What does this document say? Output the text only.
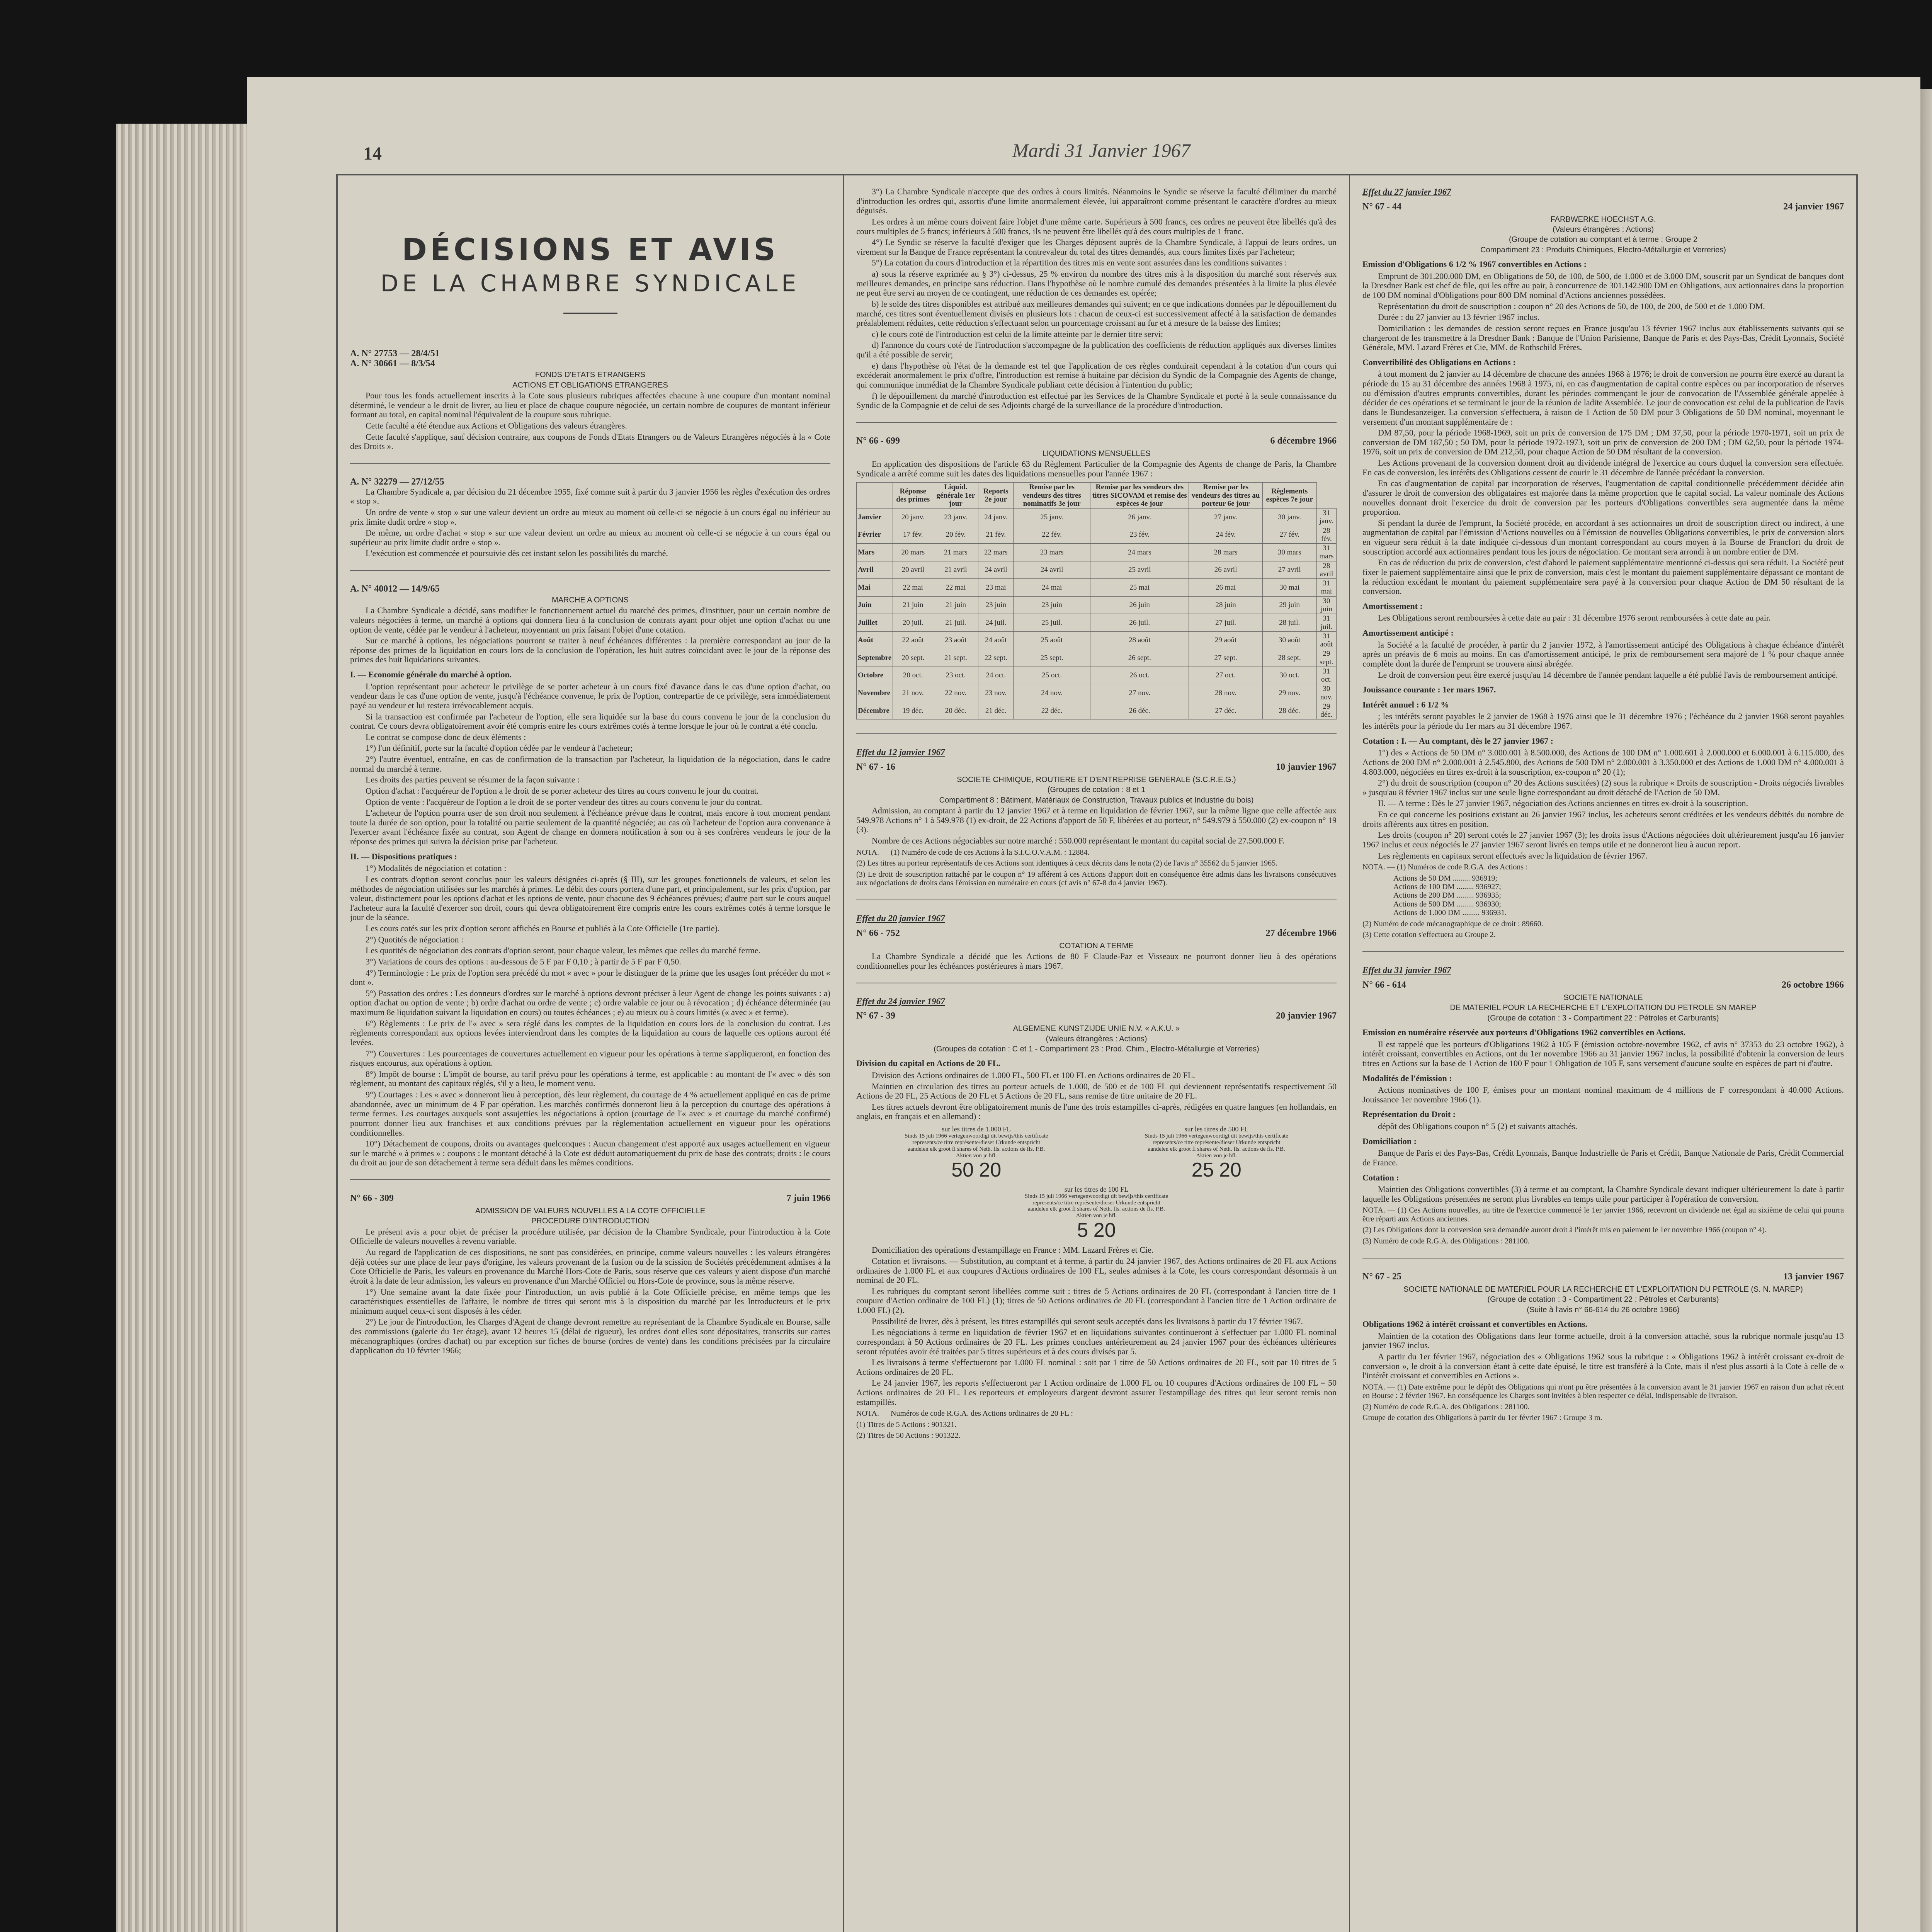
14	Mardi 31 Janvier 1967
DÉCISIONS ET AVIS
DE LA CHAMBRE SYNDICALE
A. N° 27753 — 28/4/51
A. N° 30661 — 8/3/54
FONDS D'ETATS ETRANGERS
ACTIONS ET OBLIGATIONS ETRANGERES

Pour tous les fonds actuellement inscrits à la Cote sous plusieurs rubriques affectées chacune à une coupure d'un montant nominal déterminé, le vendeur a le droit de livrer, au lieu et place de chaque coupure négociée, un certain nombre de coupures de montant inférieur formant au total, en capital nominal l'équivalent de la coupure sous rubrique.

Cette faculté a été étendue aux Actions et Obligations des valeurs étrangères.

Cette faculté s'applique, sauf décision contraire, aux coupons de Fonds d'Etats Etrangers ou de Valeurs Etrangères négociés à la « Cote des Droits ».

A. N° 32279 — 27/12/55

La Chambre Syndicale a, par décision du 21 décembre 1955, fixé comme suit à partir du 3 janvier 1956 les règles d'exécution des ordres « stop ».

Un ordre de vente « stop » sur une valeur devient un ordre au mieux au moment où celle-ci se négocie à un cours égal ou inférieur au prix limite dudit ordre « stop ».

De même, un ordre d'achat « stop » sur une valeur devient un ordre au mieux au moment où celle-ci se négocie à un cours égal ou supérieur au prix limite dudit ordre « stop ».

L'exécution est commencée et poursuivie dès cet instant selon les possibilités du marché.

A. N° 40012 — 14/9/65
MARCHE A OPTIONS

La Chambre Syndicale a décidé, sans modifier le fonctionnement actuel du marché des primes, d'instituer, pour un certain nombre de valeurs négociées à terme, un marché à options qui donnera lieu à la conclusion de contrats ayant pour objet une option d'achat ou une option de vente, cédée par le vendeur à l'acheteur, moyennant un prix faisant l'objet d'une cotation.

Sur ce marché à options, les négociations pourront se traiter à neuf échéances différentes : la première correspondant au jour de la réponse des primes de la liquidation en cours lors de la conclusion de l'opération, les huit autres coïncidant avec le jour de la réponse des primes des huit liquidations suivantes.

I. — Economie générale du marché à option.

L'option représentant pour acheteur le privilège de se porter acheteur à un cours fixé d'avance dans le cas d'une option d'achat, ou vendeur dans le cas d'une option de vente, jusqu'à l'échéance convenue, le prix de l'option, contrepartie de ce privilège, sera immédiatement payé au vendeur et lui restera irrévocablement acquis.

Si la transaction est confirmée par l'acheteur de l'option, elle sera liquidée sur la base du cours convenu le jour de la conclusion du contrat. Ce cours devra obligatoirement avoir été compris entre les cours extrêmes cotés à terme lorsque le jour où le contrat a été conclu.

Le contrat se compose donc de deux éléments :

1°) l'un définitif, porte sur la faculté d'option cédée par le vendeur à l'acheteur;

2°) l'autre éventuel, entraîne, en cas de confirmation de la transaction par l'acheteur, la liquidation de la négociation, dans le cadre normal du marché à terme.

Les droits des parties peuvent se résumer de la façon suivante :

Option d'achat : l'acquéreur de l'option a le droit de se porter acheteur des titres au cours convenu le jour du contrat.

Option de vente : l'acquéreur de l'option a le droit de se porter vendeur des titres au cours convenu le jour du contrat.

L'acheteur de l'option pourra user de son droit non seulement à l'échéance prévue dans le contrat, mais encore à tout moment pendant toute la durée de son option, pour la totalité ou partie seulement de la quantité négociée; au cas où l'acheteur de l'option aura convenance à l'exercer avant l'échéance fixée au contrat, son Agent de change en donnera notification à son ou à ses confrères vendeurs le jour de la réponse des primes qui suivra la décision prise par l'acheteur.

II. — Dispositions pratiques :

1°) Modalités de négociation et cotation :

Les contrats d'option seront conclus pour les valeurs désignées ci-après (§ III), sur les groupes fonctionnels de valeurs, et selon les méthodes de négociation utilisées sur les marchés à primes. Le débit des cours portera d'une part, et principalement, sur les prix d'option, par valeur, distinctement pour les options d'achat et les options de vente, pour chacune des 9 échéances prévues; d'autre part sur le cours auquel l'acheteur aura la faculté d'exercer son droit, cours qui devra obligatoirement être compris entre les cours extrêmes cotés à terme lorsque le jour de la séance.

Les cours cotés sur les prix d'option seront affichés en Bourse et publiés à la Cote Officielle (1re partie).

2°) Quotités de négociation :

Les quotités de négociation des contrats d'option seront, pour chaque valeur, les mêmes que celles du marché ferme.

3°) Variations de cours des options : au-dessous de 5 F par F 0,10 ; à partir de 5 F par F 0,50.

4°) Terminologie : Le prix de l'option sera précédé du mot « avec » pour le distinguer de la prime que les usages font précéder du mot « dont ».

5°) Passation des ordres : Les donneurs d'ordres sur le marché à options devront préciser à leur Agent de change les points suivants : a) option d'achat ou option de vente ; b) ordre d'achat ou ordre de vente ; c) ordre valable ce jour ou à révocation ; d) échéance déterminée (au maximum 8e liquidation suivant la liquidation en cours) ou toutes échéances ; e) au mieux ou à cours limités (« avec » et ferme).

6°) Règlements : Le prix de l'« avec » sera réglé dans les comptes de la liquidation en cours lors de la conclusion du contrat. Les règlements correspondant aux options levées interviendront dans les comptes de la liquidation au cours de laquelle ces options auront été levées.

7°) Couvertures : Les pourcentages de couvertures actuellement en vigueur pour les opérations à terme s'appliqueront, en fonction des risques encourus, aux opérations à option.

8°) Impôt de bourse : L'impôt de bourse, au tarif prévu pour les opérations à terme, est applicable : au montant de l'« avec » dès son règlement, au montant des capitaux réglés, s'il y a lieu, le moment venu.

9°) Courtages : Les « avec » donneront lieu à perception, dès leur règlement, du courtage de 4 % actuellement appliqué en cas de prime abandonnée, avec un minimum de 4 F par opération. Les marchés confirmés donneront lieu à la perception du courtage des opérations à terme fermes. Les courtages auxquels sont assujetties les négociations à option (courtage de l'« avec » et courtage du marché confirmé) pourront donner lieu aux franchises et aux conditions prévues par la réglementation actuellement en vigueur pour les opérations conditionnelles.

10°) Détachement de coupons, droits ou avantages quelconques : Aucun changement n'est apporté aux usages actuellement en vigueur sur le marché « à primes » : coupons : le montant détaché à la Cote est déduit automatiquement du prix de base des contrats; droits : le cours du droit au jour de son détachement à terme sera déduit dans les mêmes conditions.

N° 66 - 309	7 juin 1966
ADMISSION DE VALEURS NOUVELLES A LA COTE OFFICIELLE
PROCEDURE D'INTRODUCTION

Le présent avis a pour objet de préciser la procédure utilisée, par décision de la Chambre Syndicale, pour l'introduction à la Cote Officielle de valeurs nouvelles à revenu variable.

Au regard de l'application de ces dispositions, ne sont pas considérées, en principe, comme valeurs nouvelles : les valeurs étrangères déjà cotées sur une place de leur pays d'origine, les valeurs provenant de la fusion ou de la scission de Sociétés précédemment admises à la Cote Officielle de Paris, les valeurs en provenance du Marché Hors-Cote de Paris, sous réserve que ces valeurs y aient dispose d'un marché étroit à la date de leur admission, les valeurs en provenance d'un Marché Officiel ou Hors-Cote de province, sous la même réserve.

1°) Une semaine avant la date fixée pour l'introduction, un avis publié à la Cote Officielle précise, en même temps que les caractéristiques essentielles de l'affaire, le nombre de titres qui seront mis à la disposition du marché par les Introducteurs et le prix minimum auquel ceux-ci sont disposés à les céder.

2°) Le jour de l'introduction, les Charges d'Agent de change devront remettre au représentant de la Chambre Syndicale en Bourse, salle des commissions (galerie du 1er étage), avant 12 heures 15 (délai de rigueur), les ordres dont elles sont dépositaires, transcrits sur cartes mécanographiques (ordres d'achat) ou par exception sur fiches de bourse (ordres de vente) dans les conditions précisées par la circulaire d'application du 10 février 1966;

3°) La Chambre Syndicale n'accepte que des ordres à cours limités. Néanmoins le Syndic se réserve la faculté d'éliminer du marché d'introduction les ordres qui, assortis d'une limite anormalement élevée, lui apparaîtront comme présentant le caractère d'ordres au mieux déguisés.

Les ordres à un même cours doivent faire l'objet d'une même carte. Supérieurs à 500 francs, ces ordres ne peuvent être libellés qu'à des cours multiples de 5 francs; inférieurs à 500 francs, ils ne peuvent être libellés qu'à des cours multiples de 1 franc.

4°) Le Syndic se réserve la faculté d'exiger que les Charges déposent auprès de la Chambre Syndicale, à l'appui de leurs ordres, un virement sur la Banque de France représentant la contrevaleur du total des titres demandés, aux cours limites fixés par l'acheteur;

5°) La cotation du cours d'introduction et la répartition des titres mis en vente sont assurées dans les conditions suivantes :

a) sous la réserve exprimée au § 3°) ci-dessus, 25 % environ du nombre des titres mis à la disposition du marché sont réservés aux meilleures demandes, en principe sans réduction. Dans l'hypothèse où le nombre cumulé des demandes présentées à la limite la plus élevée ne peut être servi au moyen de ce contingent, une réduction de ces demandes est opérée;

b) le solde des titres disponibles est attribué aux meilleures demandes qui suivent; en ce que indications données par le dépouillement du marché, ces titres sont éventuellement divisés en plusieurs lots : chacun de ceux-ci est successivement affecté à la satisfaction de demandes préalablement réduites, cette réduction s'effectuant selon un pourcentage croissant au fur et à mesure de la baisse des limites;

c) le cours coté de l'introduction est celui de la limite atteinte par le dernier titre servi;

d) l'annonce du cours coté de l'introduction s'accompagne de la publication des coefficients de réduction appliqués aux diverses limites qu'il a été possible de servir;

e) dans l'hypothèse où l'état de la demande est tel que l'application de ces règles conduirait cependant à la cotation d'un cours qui excéderait anormalement le prix d'offre, l'introduction est remise à huitaine par décision du Syndic de la Compagnie des Agents de change, qui communique immédiat de la Chambre Syndicale publiant cette décision à l'intention du public;

f) le dépouillement du marché d'introduction est effectué par les Services de la Chambre Syndicale et porté à la seule connaissance du Syndic de la Compagnie et de celui de ses Adjoints chargé de la surveillance de la procédure d'introduction.

N° 66 - 699	6 décembre 1966
LIQUIDATIONS MENSUELLES

En application des dispositions de l'article 63 du Règlement Particulier de la Compagnie des Agents de change de Paris, la Chambre Syndicale a arrêté comme suit les dates des liquidations mensuelles pour l'année 1967 :

	Réponse des primes	Liquid. générale 1er jour	Reports 2e jour	Remise par les vendeurs des titres nominatifs 3e jour	Remise par les vendeurs des titres SICOVAM et remise des espèces 4e jour	Remise par les vendeurs des titres au porteur 6e jour	Règlements espèces 7e jour	
Janvier	20 janv.	23 janv.	24 janv.	25 janv.	26 janv.	27 janv.	30 janv.	31 janv.
Février	17 fév.	20 fév.	21 fév.	22 fév.	23 fév.	24 fév.	27 fév.	28 fév.
Mars	20 mars	21 mars	22 mars	23 mars	24 mars	28 mars	30 mars	31 mars
Avril	20 avril	21 avril	24 avril	24 avril	25 avril	26 avril	27 avril	28 avril
Mai	22 mai	22 mai	23 mai	24 mai	25 mai	26 mai	30 mai	31 mai
Juin	21 juin	21 juin	23 juin	23 juin	26 juin	28 juin	29 juin	30 juin
Juillet	20 juil.	21 juil.	24 juil.	25 juil.	26 juil.	27 juil.	28 juil.	31 juil.
Août	22 août	23 août	24 août	25 août	28 août	29 août	30 août	31 août
Septembre	20 sept.	21 sept.	22 sept.	25 sept.	26 sept.	27 sept.	28 sept.	29 sept.
Octobre	20 oct.	23 oct.	24 oct.	25 oct.	26 oct.	27 oct.	30 oct.	31 oct.
Novembre	21 nov.	22 nov.	23 nov.	24 nov.	27 nov.	28 nov.	29 nov.	30 nov.
Décembre	19 déc.	20 déc.	21 déc.	22 déc.	26 déc.	27 déc.	28 déc.	29 déc.
Effet du 12 janvier 1967
N° 67 - 16	10 janvier 1967
SOCIETE CHIMIQUE, ROUTIERE ET D'ENTREPRISE GENERALE (S.C.R.E.G.)
(Groupes de cotation : 8 et 1
Compartiment 8 : Bâtiment, Matériaux de Construction, Travaux publics et Industrie du bois)

Admission, au comptant à partir du 12 janvier 1967 et à terme en liquidation de février 1967, sur la même ligne que celle affectée aux 549.978 Actions n° 1 à 549.978 (1) ex-droit, de 22 Actions d'apport de 50 F, libérées et au porteur, n° 549.979 à 550.000 (2) ex-coupon n° 19 (3).

Nombre de ces Actions négociables sur notre marché : 550.000 représentant le montant du capital social de 27.500.000 F.

NOTA. — (1) Numéro de code de ces Actions à la S.I.C.O.V.A.M. : 12884.
(2) Les titres au porteur représentatifs de ces Actions sont identiques à ceux décrits dans le nota (2) de l'avis n° 35562 du 5 janvier 1965.
(3) Le droit de souscription rattaché par le coupon n° 19 afférent à ces Actions d'apport doit en conséquence être admis dans les livraisons consécutives aux négociations de droits dans l'émission en numéraire en cours (cf avis n° 67-8 du 4 janvier 1967).
Effet du 20 janvier 1967
N° 66 - 752	27 décembre 1966
COTATION A TERME

La Chambre Syndicale a décidé que les Actions de 80 F Claude-Paz et Visseaux ne pourront donner lieu à des opérations conditionnelles pour les échéances postérieures à mars 1967.

Effet du 24 janvier 1967
N° 67 - 39	20 janvier 1967
ALGEMENE KUNSTZIJDE UNIE N.V. « A.K.U. »
(Valeurs étrangères : Actions)
(Groupes de cotation : C et 1 - Compartiment 23 : Prod. Chim., Electro-Métallurgie et Verreries)
Division du capital en Actions de 20 FL.

Division des Actions ordinaires de 1.000 FL, 500 FL et 100 FL en Actions ordinaires de 20 FL.

Maintien en circulation des titres au porteur actuels de 1.000, de 500 et de 100 FL qui deviennent représentatifs respectivement 50 Actions de 20 FL, 25 Actions de 20 FL et 5 Actions de 20 FL, sans remise de titre unitaire de 20 FL.

Les titres actuels devront être obligatoirement munis de l'une des trois estampilles ci-après, rédigées en quatre langues (en hollandais, en anglais, en français et en allemand) :

sur les titres de 1.000 FL
Sinds 15 juli 1966 vertegenwoordigt dit bewijs/this certificate represents/ce titre représente/dieser Urkunde entspricht aandelen elk groot fl shares of Neth. fls. actions de fls. P.B. Aktien von je hfl.
50 20
sur les titres de 500 FL
Sinds 15 juli 1966 vertegenwoordigt dit bewijs/this certificate represents/ce titre représente/dieser Urkunde entspricht aandelen elk groot fl shares of Neth. fls. actions de fls. P.B. Aktien von je hfl.
25 20
sur les titres de 100 FL
Sinds 15 juli 1966 vertegenwoordigt dit bewijs/this certificate represents/ce titre représente/dieser Urkunde entspricht aandelen elk groot fl shares of Neth. fls. actions de fls. P.B. Aktien von je hfl.
5 20

Domiciliation des opérations d'estampillage en France : MM. Lazard Frères et Cie.

Cotation et livraisons. — Substitution, au comptant et à terme, à partir du 24 janvier 1967, des Actions ordinaires de 20 FL aux Actions ordinaires de 1.000 FL et aux coupures d'Actions ordinaires de 100 FL, seules admises à la Cote, les cours correspondant désormais à un nominal de 20 FL.

Les rubriques du comptant seront libellées comme suit : titres de 5 Actions ordinaires de 20 FL (correspondant à l'ancien titre de 1 coupure d'Action ordinaire de 100 FL) (1); titres de 50 Actions ordinaires de 20 FL (correspondant à l'ancien titre de 1 Action ordinaire de 1.000 FL) (2).

Possibilité de livrer, dès à présent, les titres estampillés qui seront seuls acceptés dans les livraisons à partir du 17 février 1967.

Les négociations à terme en liquidation de février 1967 et en liquidations suivantes continueront à s'effectuer par 1.000 FL nominal correspondant à 50 Actions ordinaires de 20 FL. Les primes conclues antérieurement au 24 janvier 1967 pour des échéances ultérieures seront réputées avoir été traitées par 5 titres supérieurs et à des cours divisés par 5.

Les livraisons à terme s'effectueront par 1.000 FL nominal : soit par 1 titre de 50 Actions ordinaires de 20 FL, soit par 10 titres de 5 Actions ordinaires de 20 FL.

Le 24 janvier 1967, les reports s'effectueront par 1 Action ordinaire de 1.000 FL ou 10 coupures d'Actions ordinaires de 100 FL = 50 Actions ordinaires de 20 FL. Les reporteurs et employeurs d'argent devront assurer l'estampillage des titres qui leur seront remis non estampillés.

NOTA. — Numéros de code R.G.A. des Actions ordinaires de 20 FL :
(1) Titres de 5 Actions : 901321.
(2) Titres de 50 Actions : 901322.
Effet du 27 janvier 1967
N° 67 - 44	24 janvier 1967
FARBWERKE HOECHST A.G.
(Valeurs étrangères : Actions)
(Groupe de cotation au comptant et à terme : Groupe 2
Compartiment 23 : Produits Chimiques, Electro-Métallurgie et Verreries)
Emission d'Obligations 6 1/2 % 1967 convertibles en Actions :

Emprunt de 301.200.000 DM, en Obligations de 50, de 100, de 500, de 1.000 et de 3.000 DM, souscrit par un Syndicat de banques dont la Dresdner Bank est chef de file, qui les offre au pair, à concurrence de 301.142.900 DM en Obligations, aux actionnaires dans la proportion de 100 DM nominal d'Obligations pour 800 DM nominal d'Actions anciennes possédées.

Représentation du droit de souscription : coupon n° 20 des Actions de 50, de 100, de 200, de 500 et de 1.000 DM.

Durée : du 27 janvier au 13 février 1967 inclus.

Domiciliation : les demandes de cession seront reçues en France jusqu'au 13 février 1967 inclus aux établissements suivants qui se chargeront de les transmettre à la Dresdner Bank : Banque de l'Union Parisienne, Banque de Paris et des Pays-Bas, Crédit Lyonnais, Société Générale, MM. Lazard Frères et Cie, MM. de Rothschild Frères.

Convertibilité des Obligations en Actions :

à tout moment du 2 janvier au 14 décembre de chacune des années 1968 à 1976; le droit de conversion ne pourra être exercé au durant la période du 15 au 31 décembre des années 1968 à 1975, ni, en cas d'augmentation de capital contre espèces ou par incorporation de réserves ou d'émission d'autres emprunts convertibles, durant les périodes commençant le jour de convocation de l'Assemblée générale appelée à décider de ces opérations et se terminant le jour de la réunion de ladite Assemblée. Le jour de convocation est celui de la publication de l'avis dans le Bundesanzeiger. La conversion s'effectuera, à raison de 1 Action de 50 DM pour 3 Obligations de 50 DM nominal, moyennant le versement d'un montant supplémentaire de :

DM 87,50, pour la période 1968-1969, soit un prix de conversion de 175 DM ; DM 37,50, pour la période 1970-1971, soit un prix de conversion de DM 187,50 ; 50 DM, pour la période 1972-1973, soit un prix de conversion de 200 DM ; DM 62,50, pour la période 1974-1976, soit un prix de conversion de DM 212,50, pour chaque Action de 50 DM résultant de la conversion.

Les Actions provenant de la conversion donnent droit au dividende intégral de l'exercice au cours duquel la conversion sera effectuée. En cas de conversion, les intérêts des Obligations cessent de courir le 31 décembre de l'année précédant la conversion.

En cas d'augmentation de capital par incorporation de réserves, l'augmentation de capital conditionnelle précédemment décidée afin d'assurer le droit de conversion des obligataires est majorée dans la même proportion que le capital social. La valeur nominale des Actions nouvelles donnant droit l'exercice du droit de conversion par les porteurs d'Obligations convertibles sera augmentée dans la même proportion.

Si pendant la durée de l'emprunt, la Société procède, en accordant à ses actionnaires un droit de souscription direct ou indirect, à une augmentation de capital par l'émission d'Actions nouvelles ou à l'émission de nouvelles Obligations convertibles, le prix de conversion alors en vigueur sera réduit à la date indiquée ci-dessous d'un montant correspondant au cours moyen à la Bourse de Francfort du droit de souscription accordé aux actionnaires pendant tous les jours de négociation. Ce montant sera arrondi à un nombre entier de DM.

En cas de réduction du prix de conversion, c'est d'abord le paiement supplémentaire mentionné ci-dessus qui sera réduit. La Société peut fixer le paiement supplémentaire ainsi que le prix de conversion, mais c'est le montant du paiement supplémentaire dépassant ce montant de la réduction excédant le montant du paiement supplémentaire sera payé à la conversion pour chaque Action de DM 50 résultant de la conversion.

Amortissement :

Les Obligations seront remboursées à cette date au pair : 31 décembre 1976 seront remboursées à cette date au pair.

Amortissement anticipé :

la Société a la faculté de procéder, à partir du 2 janvier 1972, à l'amortissement anticipé des Obligations à chaque échéance d'intérêt après un préavis de 6 mois au moins. En cas d'amortissement anticipé, le prix de remboursement sera majoré de 1 % pour chaque année complète dont la durée de l'emprunt se trouvera ainsi abrégée.

Le droit de conversion peut être exercé jusqu'au 14 décembre de l'année pendant laquelle a été publié l'avis de remboursement anticipé.

Jouissance courante : 1er mars 1967.
Intérêt annuel : 6 1/2 %

; les intérêts seront payables le 2 janvier de 1968 à 1976 ainsi que le 31 décembre 1976 ; l'échéance du 2 janvier 1968 seront payables les intérêts pour la période du 1er mars au 31 décembre 1967.

Cotation : I. — Au comptant, dès le 27 janvier 1967 :

1°) des « Actions de 50 DM n° 3.000.001 à 8.500.000, des Actions de 100 DM n° 1.000.601 à 2.000.000 et 6.000.001 à 6.115.000, des Actions de 200 DM n° 2.000.001 à 2.545.800, des Actions de 500 DM n° 2.000.001 à 3.350.000 et des Actions de 1.000 DM n° 4.000.001 à 4.803.000, négociées en titres ex-droit à la souscription, ex-coupon n° 20 (1);

2°) du droit de souscription (coupon n° 20 des Actions suscitées) (2) sous la rubrique « Droits de souscription - Droits négociés livrables » jusqu'au 8 février 1967 inclus sur une seule ligne correspondant au droit détaché de l'Action de 50 DM.

II. — A terme : Dès le 27 janvier 1967, négociation des Actions anciennes en titres ex-droit à la souscription.

En ce qui concerne les positions existant au 26 janvier 1967 inclus, les acheteurs seront créditées et les vendeurs débités du nombre de droits afférents aux titres en position.

Les droits (coupon n° 20) seront cotés le 27 janvier 1967 (3); les droits issus d'Actions négociées doit ultérieurement jusqu'au 16 janvier 1967 inclus et ceux négociés le 27 janvier 1967 seront livrés en temps utile et ne donneront lieu à aucun report.

Les règlements en capitaux seront effectués avec la liquidation de février 1967.

NOTA. — (1) Numéros de code R.G.A. des Actions :
Actions de 50 DM ......... 936919;
Actions de 100 DM ......... 936927;
Actions de 200 DM ......... 936935;
Actions de 500 DM ......... 936930;
Actions de 1.000 DM ......... 936931.
(2) Numéro de code mécanographique de ce droit : 89660.
(3) Cette cotation s'effectuera au Groupe 2.
Effet du 31 janvier 1967
N° 66 - 614	26 octobre 1966
SOCIETE NATIONALE
DE MATERIEL POUR LA RECHERCHE ET L'EXPLOITATION DU PETROLE SN MAREP
(Groupe de cotation : 3 - Compartiment 22 : Pétroles et Carburants)
Emission en numéraire réservée aux porteurs d'Obligations 1962 convertibles en Actions.

Il est rappelé que les porteurs d'Obligations 1962 à 105 F (émission octobre-novembre 1962, cf avis n° 37353 du 23 octobre 1962), à intérêt croissant, convertibles en Actions, ont du 1er novembre 1966 au 31 janvier 1967 inclus, la possibilité d'obtenir la conversion de leurs titres en Actions sur la base de 1 Action de 100 F pour 1 Obligation de 105 F, sans versement d'aucune soulte en espèces de part ni d'autre.

Modalités de l'émission :

Actions nominatives de 100 F, émises pour un montant nominal maximum de 4 millions de F correspondant à 40.000 Actions. Jouissance 1er novembre 1966 (1).

Représentation du Droit :

dépôt des Obligations coupon n° 5 (2) et suivants attachés.

Domiciliation :

Banque de Paris et des Pays-Bas, Crédit Lyonnais, Banque Industrielle de Paris et Crédit, Banque Nationale de Paris, Crédit Commercial de France.

Cotation :

Maintien des Obligations convertibles (3) à terme et au comptant, la Chambre Syndicale devant indiquer ultérieurement la date à partir laquelle les Obligations présentées ne seront plus livrables en temps utile pour participer à l'opération de conversion.

NOTA. — (1) Ces Actions nouvelles, au titre de l'exercice commencé le 1er janvier 1966, recevront un dividende net égal au sixième de celui qui pourra être réparti aux Actions anciennes.
(2) Les Obligations dont la conversion sera demandée auront droit à l'intérêt mis en paiement le 1er novembre 1966 (coupon n° 4).
(3) Numéro de code R.G.A. des Obligations : 281100.
N° 67 - 25	13 janvier 1967
SOCIETE NATIONALE DE MATERIEL POUR LA RECHERCHE ET L'EXPLOITATION DU PETROLE (S. N. MAREP)
(Groupe de cotation : 3 - Compartiment 22 : Pétroles et Carburants)
(Suite à l'avis n° 66-614 du 26 octobre 1966)
Obligations 1962 à intérêt croissant et convertibles en Actions.

Maintien de la cotation des Obligations dans leur forme actuelle, droit à la conversion attaché, sous la rubrique normale jusqu'au 13 janvier 1967 inclus.

A partir du 1er février 1967, négociation des « Obligations 1962 sous la rubrique : « Obligations 1962 à intérêt croissant ex-droit de conversion », le droit à la conversion étant à cette date épuisé, le titre est transféré à la Cote, mais il n'est plus assorti à la Cote à celle de « l'intérêt croissant et convertibles en Actions ».

NOTA. — (1) Date extrême pour le dépôt des Obligations qui n'ont pu être présentées à la conversion avant le 31 janvier 1967 en raison d'un achat récent en Bourse : 2 février 1967. En conséquence les Charges sont invitées à bien respecter ce délai, indispensable de livraison.
(2) Numéro de code R.G.A. des Obligations : 281100.
Groupe de cotation des Obligations à partir du 1er février 1967 : Groupe 3 m.
